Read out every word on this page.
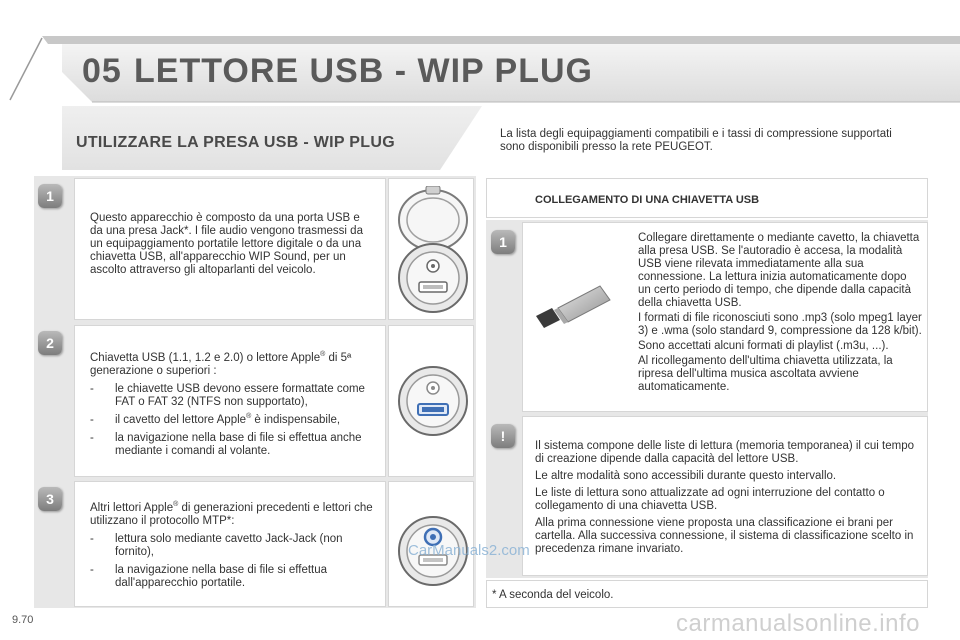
05 LETTORE USB - WIP PLUG
UTILIZZARE LA PRESA USB - WIP PLUG	La lista degli equipaggiamenti compatibili e i tassi di compressione supportati sono disponibili presso la rete PEUGEOT.
1

Questo apparecchio è composto da una porta USB e da una presa Jack*. I file audio vengono trasmessi da un equipaggiamento portatile lettore digitale o da una chiavetta USB, all'apparecchio WIP Sound, per un ascolto attraverso gli altoparlanti del veicolo.

2

Chiavetta USB (1.1, 1.2 e 2.0) o lettore Apple® di 5ª generazione o superiori :

- le chiavette USB devono essere formattate come FAT o FAT 32 (NTFS non supportato),
- il cavetto del lettore Apple® è indispensabile,
- la navigazione nella base di file si effettua anche mediante i comandi al volante.
3

Altri lettori Apple® di generazioni precedenti e lettori che utilizzano il protocollo MTP*:

- lettura solo mediante cavetto Jack-Jack (non fornito),
- la navigazione nella base di file si effettua dall'apparecchio portatile.
COLLEGAMENTO DI UNA CHIAVETTA USB
1	Collegare direttamente o mediante cavetto, la chiavetta alla presa USB. Se l'autoradio è accesa, la modalità USB viene rilevata immediatamente alla sua connessione. La lettura inizia automaticamente dopo un certo periodo di tempo, che dipende dalla capacità della chiavetta USB.

I formati di file riconosciuti sono .mp3 (solo mpeg1 layer 3) e .wma (solo standard 9, compressione da 128 k/bit).

Sono accettati alcuni formati di playlist (.m3u, ...).

Al ricollegamento dell'ultima chiavetta utilizzata, la ripresa dell'ultima musica ascoltata avviene automaticamente.

!

Il sistema compone delle liste di lettura (memoria temporanea) il cui tempo di creazione dipende dalla capacità del lettore USB.

Le altre modalità sono accessibili durante questo intervallo.

Le liste di lettura sono attualizzate ad ogni interruzione del contatto o collegamento di una chiavetta USB.

Alla prima connessione viene proposta una classificazione ei brani per cartella. Alla successiva connessione, il sistema di classificazione scelto in precedenza rimane invariato.

* A seconda del veicolo.
CarManuals2.com
9.70	carmanualsonline.info
